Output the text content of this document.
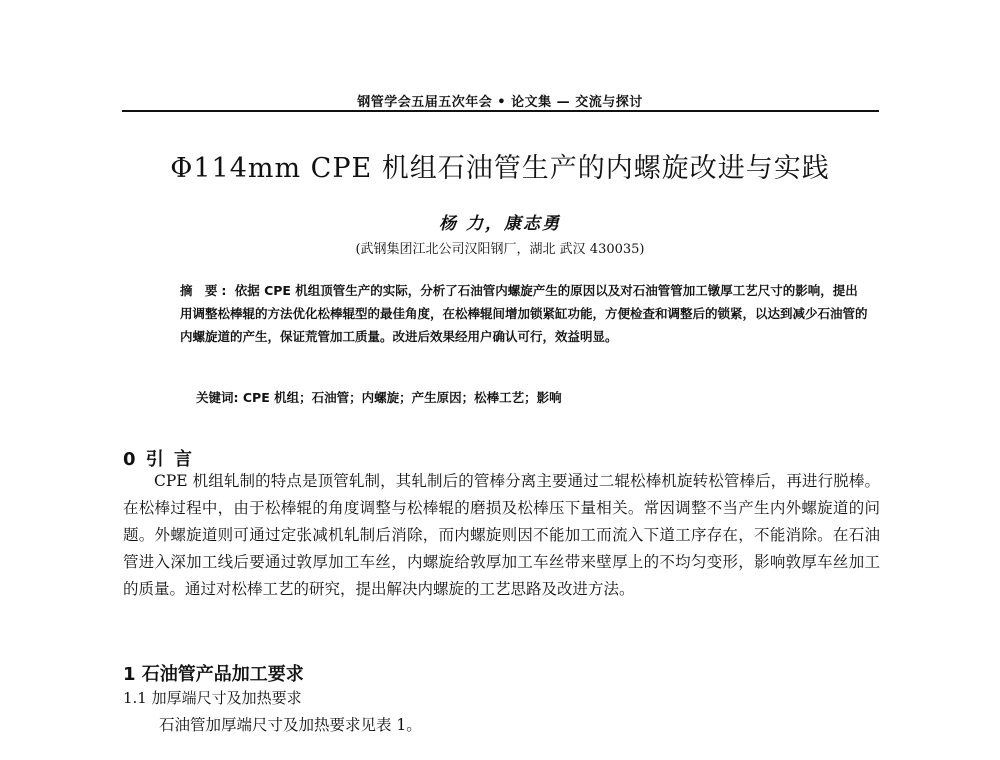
钢管学会五届五次年会 • 论文集 — 交流与探讨
Φ114mm CPE 机组石油管生产的内螺旋改进与实践
杨 力，康志勇
(武钢集团江北公司汉阳钢厂，湖北 武汉 430035)
摘 要: 依据 CPE 机组顶管生产的实际，分析了石油管内螺旋产生的原因以及对石油管管加工镦厚工艺尺寸的影响，提出用调整松棒辊的方法优化松棒辊型的最佳角度，在松棒辊间增加锁紧缸功能，方便检查和调整后的锁紧，以达到减少石油管的内螺旋道的产生，保证荒管加工质量。改进后效果经用户确认可行，效益明显。
关键词: CPE 机组；石油管；内螺旋；产生原因；松棒工艺；影响
0 引 言
CPE 机组轧制的特点是顶管轧制，其轧制后的管棒分离主要通过二辊松棒机旋转松管棒后，再进行脱棒。在松棒过程中，由于松棒辊的角度调整与松棒辊的磨损及松棒压下量相关。常因调整不当产生内外螺旋道的问题。外螺旋道则可通过定张减机轧制后消除，而内螺旋则因不能加工而流入下道工序存在，不能消除。在石油管进入深加工线后要通过敦厚加工车丝，内螺旋给敦厚加工车丝带来壁厚上的不均匀变形，影响敦厚车丝加工的质量。通过对松棒工艺的研究，提出解决内螺旋的工艺思路及改进方法。
1 石油管产品加工要求
1.1 加厚端尺寸及加热要求
石油管加厚端尺寸及加热要求见表 1。
